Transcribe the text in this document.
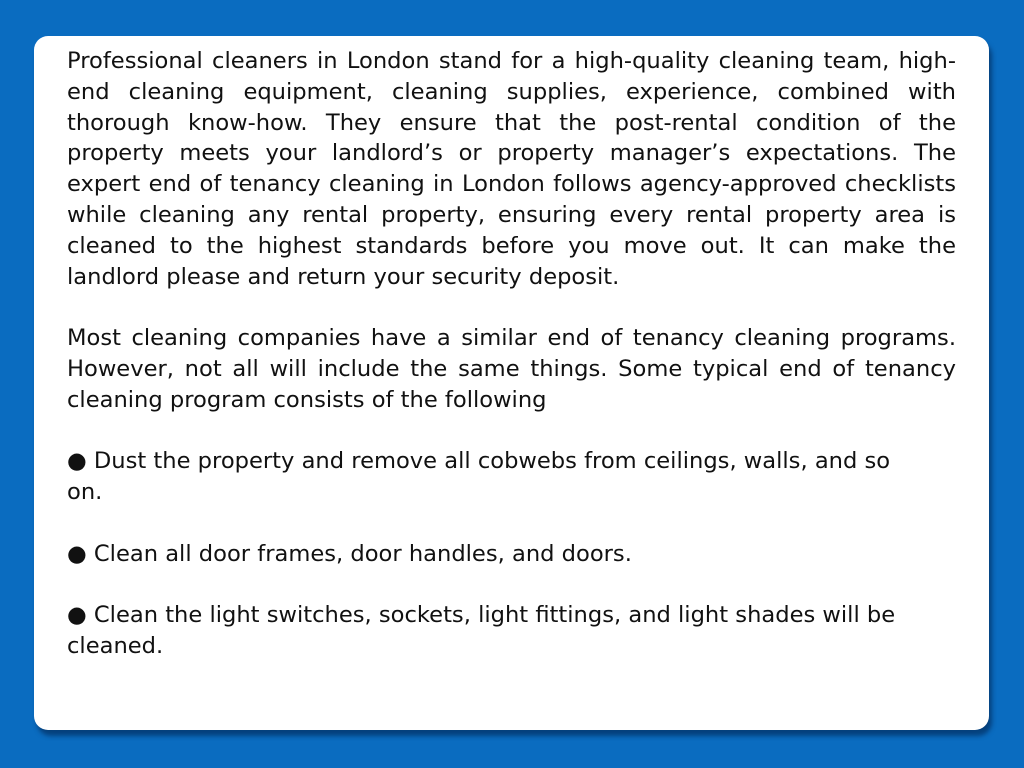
Professional cleaners in London stand for a high-quality cleaning team, high-end cleaning equipment, cleaning supplies, experience, combined with thorough know-how. They ensure that the post-rental condition of the property meets your landlord’s or property manager’s expectations. The expert end of tenancy cleaning in London follows agency-approved checklists while cleaning any rental property, ensuring every rental property area is cleaned to the highest standards before you move out. It can make the landlord please and return your security deposit.

Most cleaning companies have a similar end of tenancy cleaning programs. However, not all will include the same things. Some typical end of tenancy cleaning program consists of the following

● Dust the property and remove all cobwebs from ceilings, walls, and so on.

● Clean all door frames, door handles, and doors.

● Clean the light switches, sockets, light fittings, and light shades will be cleaned.
